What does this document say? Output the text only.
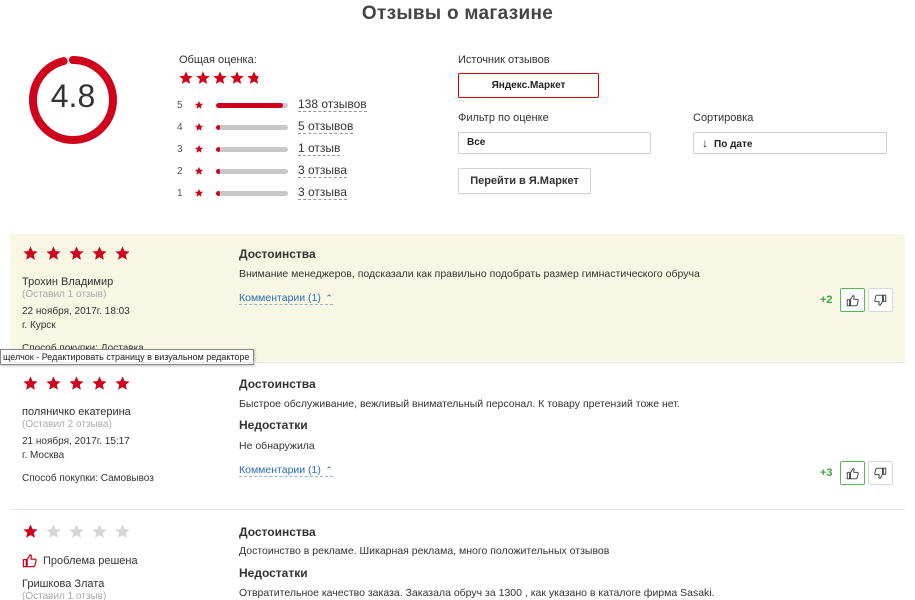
Отзывы о магазине
4.8
Общая оценка:
5	138 отзывов
4	5 отзывов
3	1 отзыв
2	3 отзыва
1	3 отзыва
Источник отзывов
Яндекс.Маркет
Фильтр по оценке
Все
Сортировка
↓ По дате
Перейти в Я.Маркет
Трохин Владимир
(Оставил 1 отзыв)
22 ноября, 2017г. 18:03
г. Курск
Достоинства
Внимание менеджеров, подсказали как правильно подобрать размер гимнастического обруча
Комментарии (1) ⌃	+2
щелчок - Редактировать страницу в визуальном редакторе
поляничко екатерина
(Оставил 2 отзыва)
21 ноября, 2017г. 15:17
г. Москва
Способ покупки: Самовывоз
Достоинства
Быстрое обслуживание, вежливый внимательный персонал. К товару претензий тоже нет.
Недостатки
Не обнаружила
Комментарии (1) ⌃	+3
Проблема решена
Гришкова Злата
(Оставил 1 отзыв)
Достоинства
Достоинство в рекламе. Шикарная реклама, много положительных отзывов
Недостатки
Отвратительное качество заказа. Заказала обруч за 1300 , как указано в каталоге фирма Sasaki.
